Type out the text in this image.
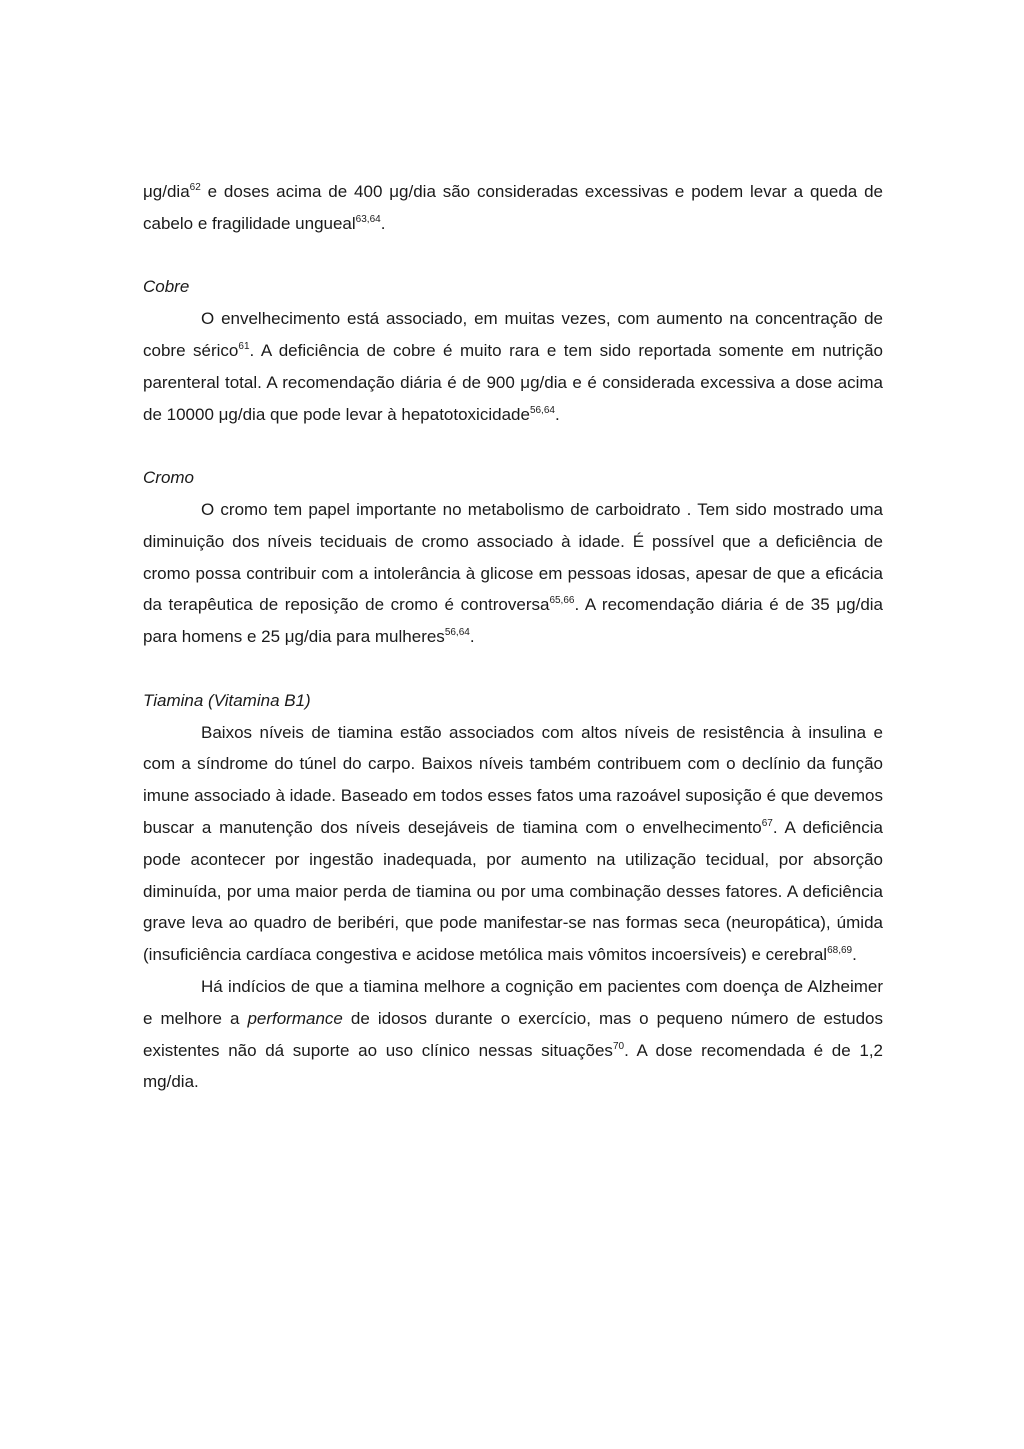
μg/dia$^{62}$ e doses acima de 400 μg/dia são consideradas excessivas e podem levar a queda de cabelo e fragilidade ungueal$^{63,64}$.

Cobre

O envelhecimento está associado, em muitas vezes, com aumento na concentração de cobre sérico$^{61}$. A deficiência de cobre é muito rara e tem sido reportada somente em nutrição parenteral total. A recomendação diária é de 900 μg/dia e é considerada excessiva a dose acima de 10000 μg/dia que pode levar à hepatotoxicidade$^{56,64}$.

Cromo

O cromo tem papel importante no metabolismo de carboidrato . Tem sido mostrado uma diminuição dos níveis teciduais de cromo associado à idade. É possível que a deficiência de cromo possa contribuir com a intolerância à glicose em pessoas idosas, apesar de que a eficácia da terapêutica de reposição de cromo é controversa$^{65,66}$. A recomendação diária é de 35 μg/dia para homens e 25 μg/dia para mulheres$^{56,64}$.

Tiamina (Vitamina B1)

Baixos níveis de tiamina estão associados com altos níveis de resistência à insulina e com a síndrome do túnel do carpo. Baixos níveis também contribuem com o declínio da função imune associado à idade. Baseado em todos esses fatos uma razoável suposição é que devemos buscar a manutenção dos níveis desejáveis de tiamina com o envelhecimento$^{67}$. A deficiência pode acontecer por ingestão inadequada, por aumento na utilização tecidual, por absorção diminuída, por uma maior perda de tiamina ou por uma combinação desses fatores. A deficiência grave leva ao quadro de beribéri, que pode manifestar-se nas formas seca (neuropática), úmida (insuficiência cardíaca congestiva e acidose metólica mais vômitos incoersíveis) e cerebral$^{68,69}$.

Há indícios de que a tiamina melhore a cognição em pacientes com doença de Alzheimer e melhore a performance de idosos durante o exercício, mas o pequeno número de estudos existentes não dá suporte ao uso clínico nessas situações$^{70}$. A dose recomendada é de 1,2 mg/dia.
